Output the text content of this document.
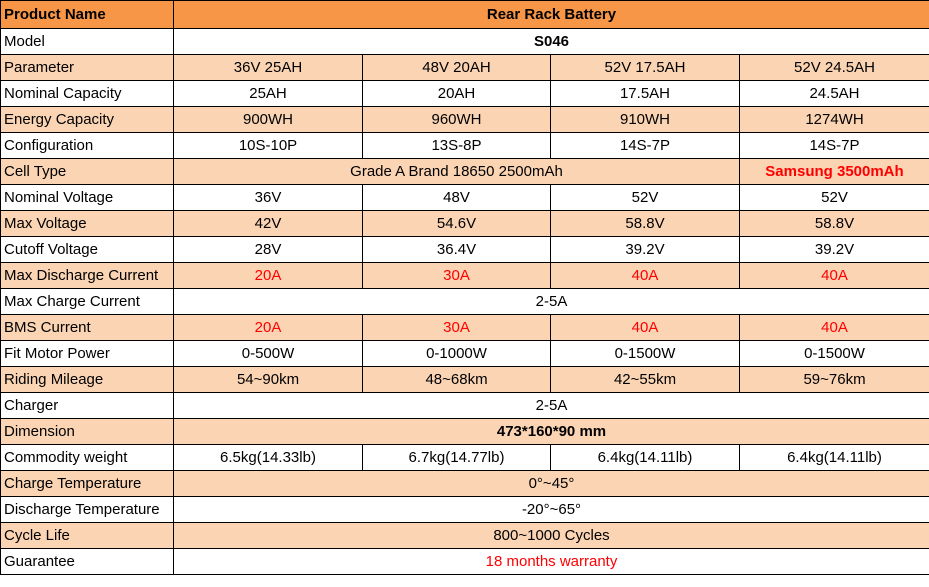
Product Name	Rear Rack Battery			
Model	S046			
Parameter	36V 25AH	48V 20AH	52V 17.5AH	52V 24.5AH
Nominal Capacity	25AH	20AH	17.5AH	24.5AH
Energy Capacity	900WH	960WH	910WH	1274WH
Configuration	10S-10P	13S-8P	14S-7P	14S-7P
Cell Type	Grade A Brand 18650 2500mAh			Samsung 3500mAh
Nominal Voltage	36V	48V	52V	52V
Max Voltage	42V	54.6V	58.8V	58.8V
Cutoff Voltage	28V	36.4V	39.2V	39.2V
Max Discharge Current	20A	30A	40A	40A
Max Charge Current	2-5A			
BMS Current	20A	30A	40A	40A
Fit Motor Power	0-500W	0-1000W	0-1500W	0-1500W
Riding Mileage	54~90km	48~68km	42~55km	59~76km
Charger	2-5A			
Dimension	473*160*90 mm			
Commodity weight	6.5kg(14.33lb)	6.7kg(14.77lb)	6.4kg(14.11lb)	6.4kg(14.11lb)
Charge Temperature	0°~45°			
Discharge Temperature	-20°~65°			
Cycle Life	800~1000 Cycles			
Guarantee	18 months warranty			
